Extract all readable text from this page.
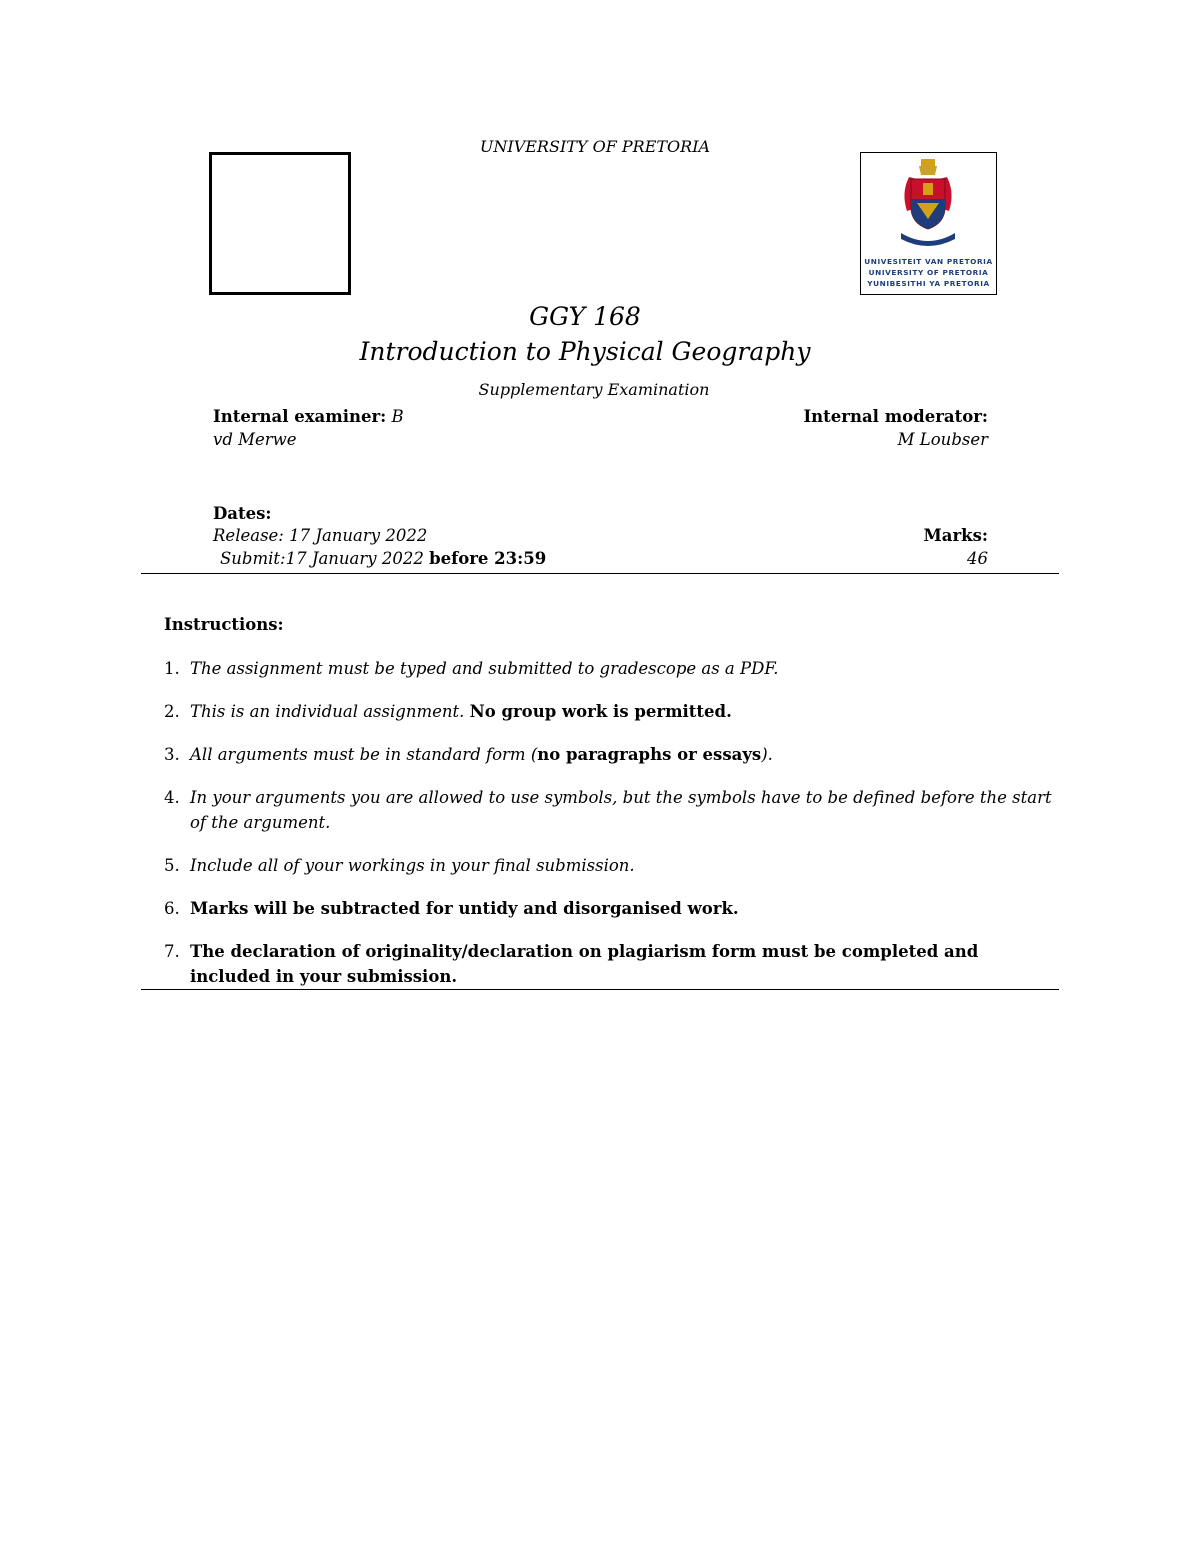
UNIVERSITY OF PRETORIA
UNIVESITEIT VAN PRETORIA
UNIVERSITY OF PRETORIA
YUNIBESITHI YA PRETORIA
GGY 168
Introduction to Physical Geography
Supplementary Examination
Internal examiner: B
vd Merwe
Internal moderator:
M Loubser
Dates:
Release: 17 January 2022
Submit:17 January 2022 before 23:59
Marks:
46
Instructions:
1. The assignment must be typed and submitted to gradescope as a PDF.
2. This is an individual assignment. No group work is permitted.
3. All arguments must be in standard form (no paragraphs or essays).
4. In your arguments you are allowed to use symbols, but the symbols have to be defined before the start of the argument.
5. Include all of your workings in your final submission.
6. Marks will be subtracted for untidy and disorganised work.
7. The declaration of originality/declaration on plagiarism form must be completed and included in your submission.
